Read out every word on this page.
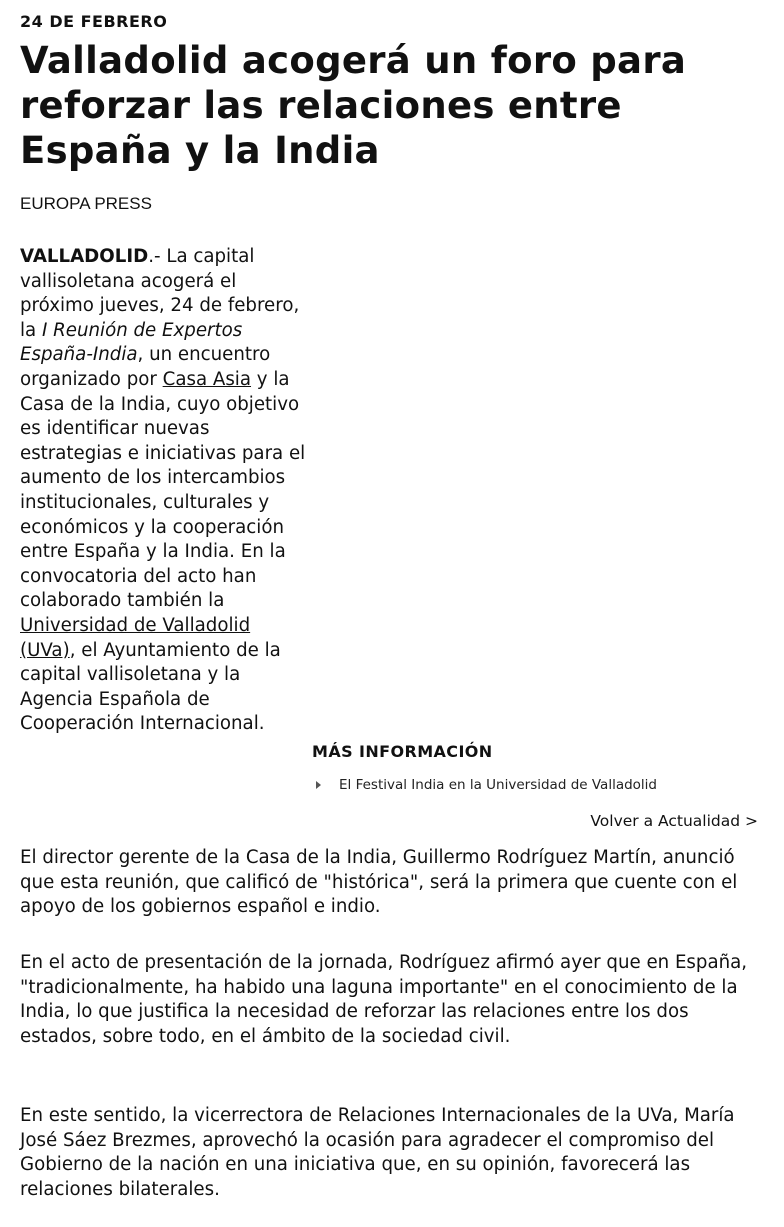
24 DE FEBRERO
Valladolid acogerá un foro para reforzar las relaciones entre España y la India
EUROPA PRESS

VALLADOLID.- La capital vallisoletana acogerá el próximo jueves, 24 de febrero, la I Reunión de Expertos España-India, un encuentro organizado por Casa Asia y la Casa de la India, cuyo objetivo es identificar nuevas estrategias e iniciativas para el aumento de los intercambios institucionales, culturales y económicos y la cooperación entre España y la India. En la convocatoria del acto han colaborado también la Universidad de Valladolid (UVa), el Ayuntamiento de la capital vallisoletana y la Agencia Española de Cooperación Internacional.

MÁS INFORMACIÓN
El Festival India en la Universidad de Valladolid
Volver a Actualidad >

El director gerente de la Casa de la India, Guillermo Rodríguez Martín, anunció que esta reunión, que calificó de "histórica", será la primera que cuente con el apoyo de los gobiernos español e indio.

En el acto de presentación de la jornada, Rodríguez afirmó ayer que en España, "tradicionalmente, ha habido una laguna importante" en el conocimiento de la India, lo que justifica la necesidad de reforzar las relaciones entre los dos estados, sobre todo, en el ámbito de la sociedad civil.

En este sentido, la vicerrectora de Relaciones Internacionales de la UVa, María José Sáez Brezmes, aprovechó la ocasión para agradecer el compromiso del Gobierno de la nación en una iniciativa que, en su opinión, favorecerá las relaciones bilaterales.
